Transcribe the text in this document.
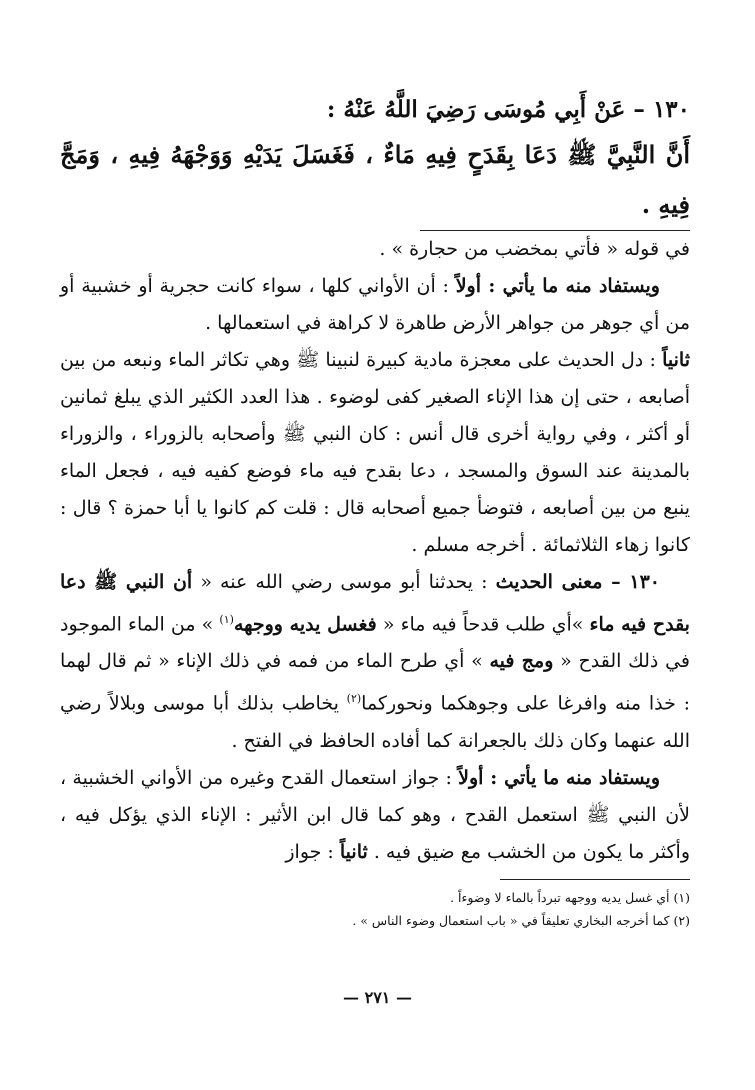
١٣٠ – عَنْ أَبِي مُوسَى رَضِيَ اللَّهُ عَنْهُ :

أَنَّ النَّبِيَّ ﷺ دَعَا بِقَدَحٍ فِيهِ مَاءٌ ، فَغَسَلَ يَدَيْهِ وَوَجْهَهُ فِيهِ ، وَمَجَّ فِيهِ .

في قوله « فأتي بمخضب من حجارة » .

ويستفاد منه ما يأتي : أولاً : أن الأواني كلها ، سواء كانت حجرية أو خشبية أو من أي جوهر من جواهر الأرض طاهرة لا كراهة في استعمالها .

ثانياً : دل الحديث على معجزة مادية كبيرة لنبينا ﷺ وهي تكاثر الماء ونبعه من بين أصابعه ، حتى إن هذا الإناء الصغير كفى لوضوء . هذا العدد الكثير الذي يبلغ ثمانين أو أكثر ، وفي رواية أخرى قال أنس : كان النبي ﷺ وأصحابه بالزوراء ، والزوراء بالمدينة عند السوق والمسجد ، دعا بقدح فيه ماء فوضع كفيه فيه ، فجعل الماء ينبع من بين أصابعه ، فتوضأ جميع أصحابه قال : قلت كم كانوا يا أبا حمزة ؟ قال : كانوا زهاء الثلاثمائة . أخرجه مسلم .

١٣٠ – معنى الحديث : يحدثنا أبو موسى رضي الله عنه « أن النبي ﷺ دعا بقدح فيه ماء »أي طلب قدحاً فيه ماء « فغسل يديه ووجهه$^{(١)}$ » من الماء الموجود في ذلك القدح « ومج فيه » أي طرح الماء من فمه في ذلك الإناء « ثم قال لهما : خذا منه وافرغا على وجوهكما ونحوركما$^{(٢)}$ يخاطب بذلك أبا موسى وبلالاً رضي الله عنهما وكان ذلك بالجعرانة كما أفاده الحافظ في الفتح .

ويستفاد منه ما يأتي : أولاً : جواز استعمال القدح وغيره من الأواني الخشبية ، لأن النبي ﷺ استعمل القدح ، وهو كما قال ابن الأثير : الإناء الذي يؤكل فيه ، وأكثر ما يكون من الخشب مع ضيق فيه . ثانياً : جواز

(١) أي غسل يديه ووجهه تبرداً بالماء لا وضوءاً .

(٢) كما أخرجه البخاري تعليقاً في « باب استعمال وضوء الناس » .

— ٢٧١ —
